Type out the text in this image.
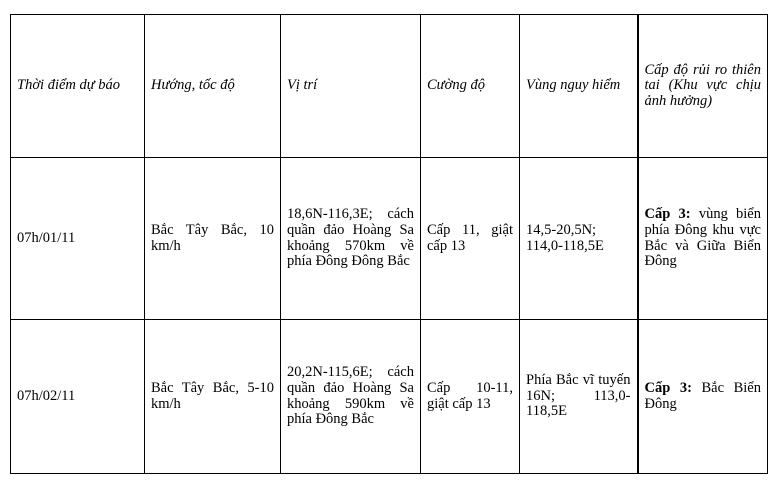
Thời điểm dự báo	Hướng, tốc độ	Vị trí	Cường độ	Vùng nguy hiểm	Cấp độ rủi ro thiên tai (Khu vực chịu ảnh hưởng)
07h/01/11	Bắc Tây Bắc, 10 km/h	18,6N-116,3E; cách quần đảo Hoàng Sa khoảng 570km về phía Đông Đông Bắc	Cấp 11, giật cấp 13	14,5-20,5N; 114,0-118,5E	Cấp 3: vùng biển phía Đông khu vực Bắc và Giữa Biển Đông
07h/02/11	Bắc Tây Bắc, 5-10 km/h	20,2N-115,6E; cách quần đảo Hoàng Sa khoảng 590km về phía Đông Bắc	Cấp 10-11, giật cấp 13	Phía Bắc vĩ tuyến 16N; 113,0-118,5E	Cấp 3: Bắc Biển Đông
